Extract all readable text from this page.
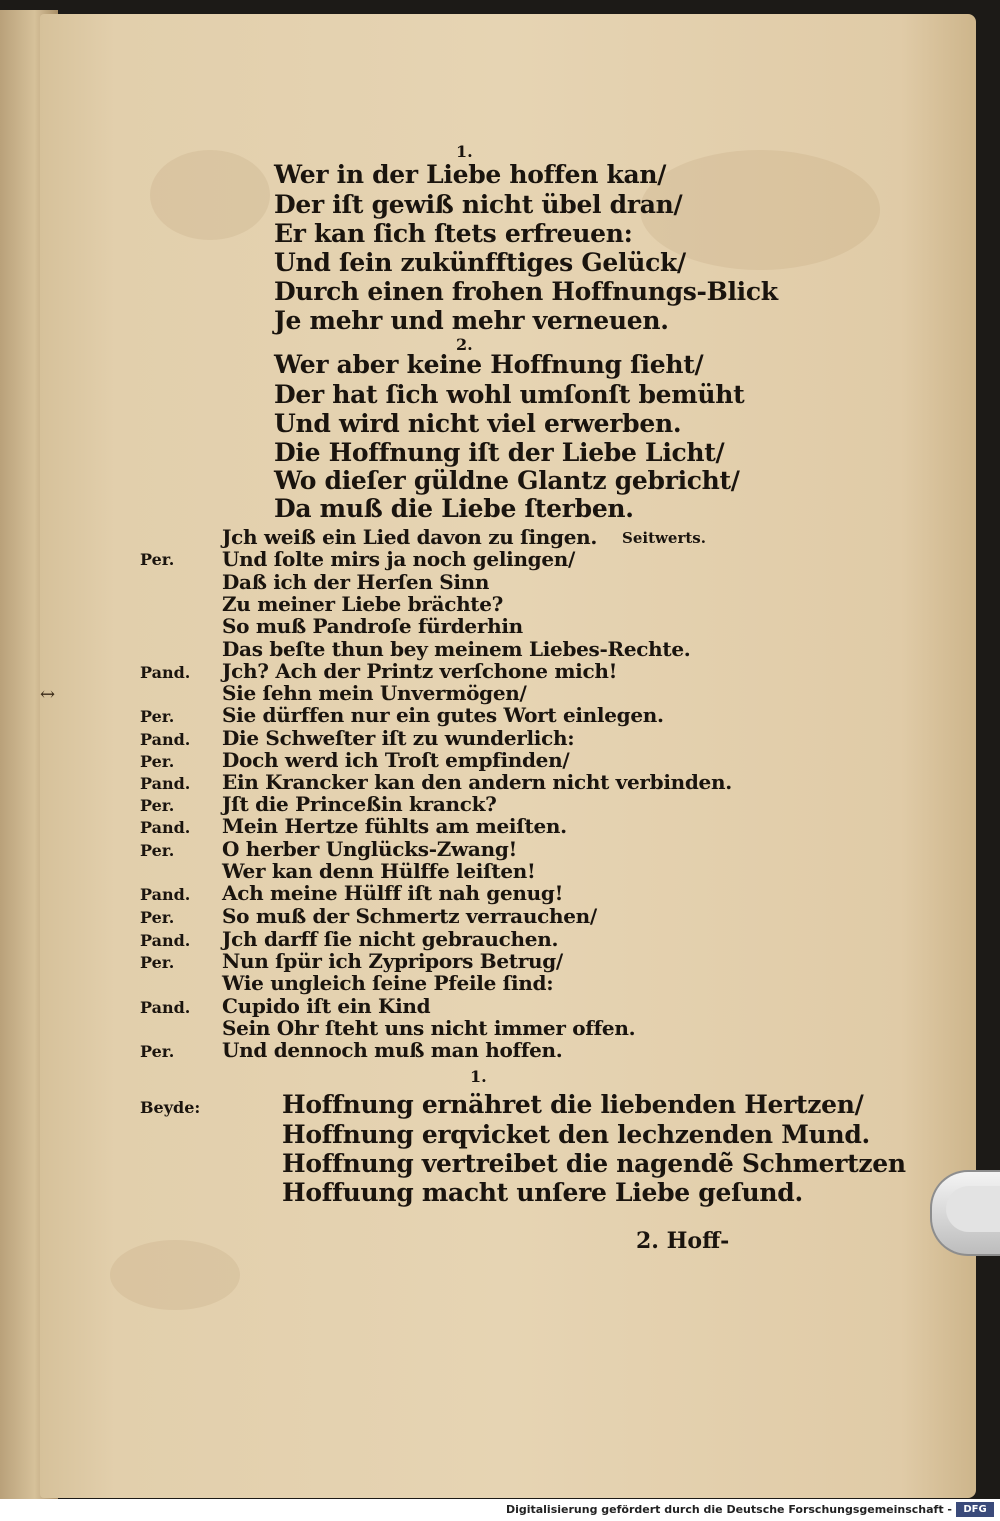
↔
1.
Wer in der Liebe hoffen kan/
Der iſt gewiß nicht übel dran/
Er kan ſich ſtets erfreuen:
Und ſein zukünfftiges Gelück/
Durch einen frohen Hoffnungs-Blick
Je mehr und mehr verneuen.
2.
Wer aber keine Hoffnung ſieht/
Der hat ſich wohl umſonſt bemüht
Und wird nicht viel erwerben.
Die Hoffnung iſt der Liebe Licht/
Wo dieſer güldne Glantz gebricht/
Da muß die Liebe ſterben.
Jch weiß ein Lied davon zu ſingen. Seitwerts.
Per. Und ſolte mirs ja noch gelingen/
Daß ich der Herſen Sinn
Zu meiner Liebe brächte?
So muß Pandroſe fürderhin
Das beſte thun bey meinem Liebes-Rechte.
Pand. Jch? Ach der Printz verſchone mich!
Sie ſehn mein Unvermögen/
Per. Sie dürffen nur ein gutes Wort einlegen.
Pand. Die Schweſter iſt zu wunderlich:
Per. Doch werd ich Troſt empfinden/
Pand. Ein Krancker kan den andern nicht verbinden.
Per. Jſt die Princeßin kranck?
Pand. Mein Hertze fühlts am meiſten.
Per. O herber Unglücks-Zwang!
Wer kan denn Hülffe leiſten!
Pand. Ach meine Hülff iſt nah genug!
Per. So muß der Schmertz verrauchen/
Pand. Jch darff ſie nicht gebrauchen.
Per. Nun ſpür ich Zypripors Betrug/
Wie ungleich ſeine Pfeile ſind:
Pand. Cupido iſt ein Kind
Sein Ohr ſteht uns nicht immer offen.
Per. Und dennoch muß man hoffen.
1.
Beyde:	Hoffnung ernähret die liebenden Hertzen/
Hoffnung erqvicket den lechzenden Mund.
Hoffnung vertreibet die nagendẽ Schmertzen
Hoffuung macht unſere Liebe geſund.
2. Hoff-
Digitalisierung gefördert durch die Deutsche Forschungsgemeinschaft -	DFG
